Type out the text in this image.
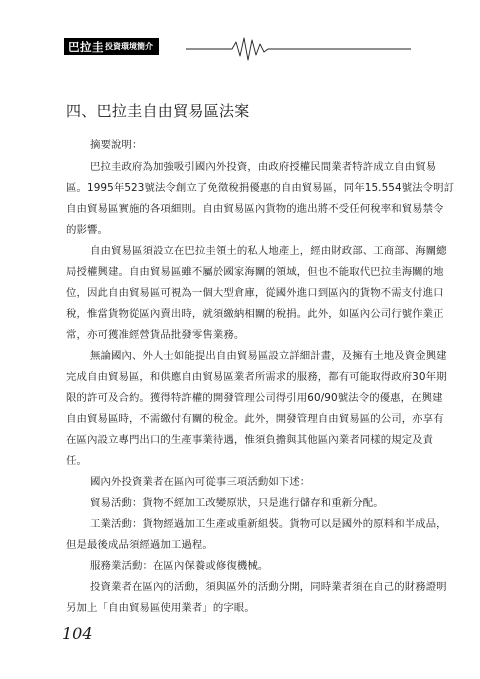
巴拉圭 投資環境簡介
四、巴拉圭自由貿易區法案
摘要說明：
巴拉圭政府為加強吸引國內外投資，由政府授權民間業者特許成立自由貿易
區。1995年523號法令創立了免徵稅捐優惠的自由貿易區，同年15.554號法令明訂
自由貿易區實施的各項細則。自由貿易區內貨物的進出將不受任何稅率和貿易禁令
的影響。
自由貿易區須設立在巴拉圭領土的私人地產上，經由財政部、工商部、海關總
局授權興建。自由貿易區雖不屬於國家海關的領域，但也不能取代巴拉圭海關的地
位，因此自由貿易區可視為一個大型倉庫，從國外進口到區內的貨物不需支付進口
稅，惟當貨物從區內賣出時，就須繳納相關的稅捐。此外，如區內公司行號作業正
常，亦可獲准經營貨品批發零售業務。
無論國內、外人士如能提出自由貿易區設立詳細計畫，及擁有土地及資金興建
完成自由貿易區，和供應自由貿易區業者所需求的服務，都有可能取得政府30年期
限的許可及合約。獲得特許權的開發管理公司得引用60/90號法令的優惠，在興建
自由貿易區時，不需繳付有關的稅金。此外，開發管理自由貿易區的公司，亦享有
在區內設立專門出口的生產事業待遇，惟須負擔與其他區內業者同樣的規定及責
任。
國內外投資業者在區內可從事三項活動如下述：
貿易活動：貨物不經加工改變原狀，只是進行儲存和重新分配。
工業活動：貨物經過加工生產或重新組裝。貨物可以是國外的原料和半成品，
但是最後成品須經過加工過程。
服務業活動：在區內保養或修復機械。
投資業者在區內的活動，須與區外的活動分開，同時業者須在自己的財務證明
另加上「自由貿易區使用業者」的字眼。
104
